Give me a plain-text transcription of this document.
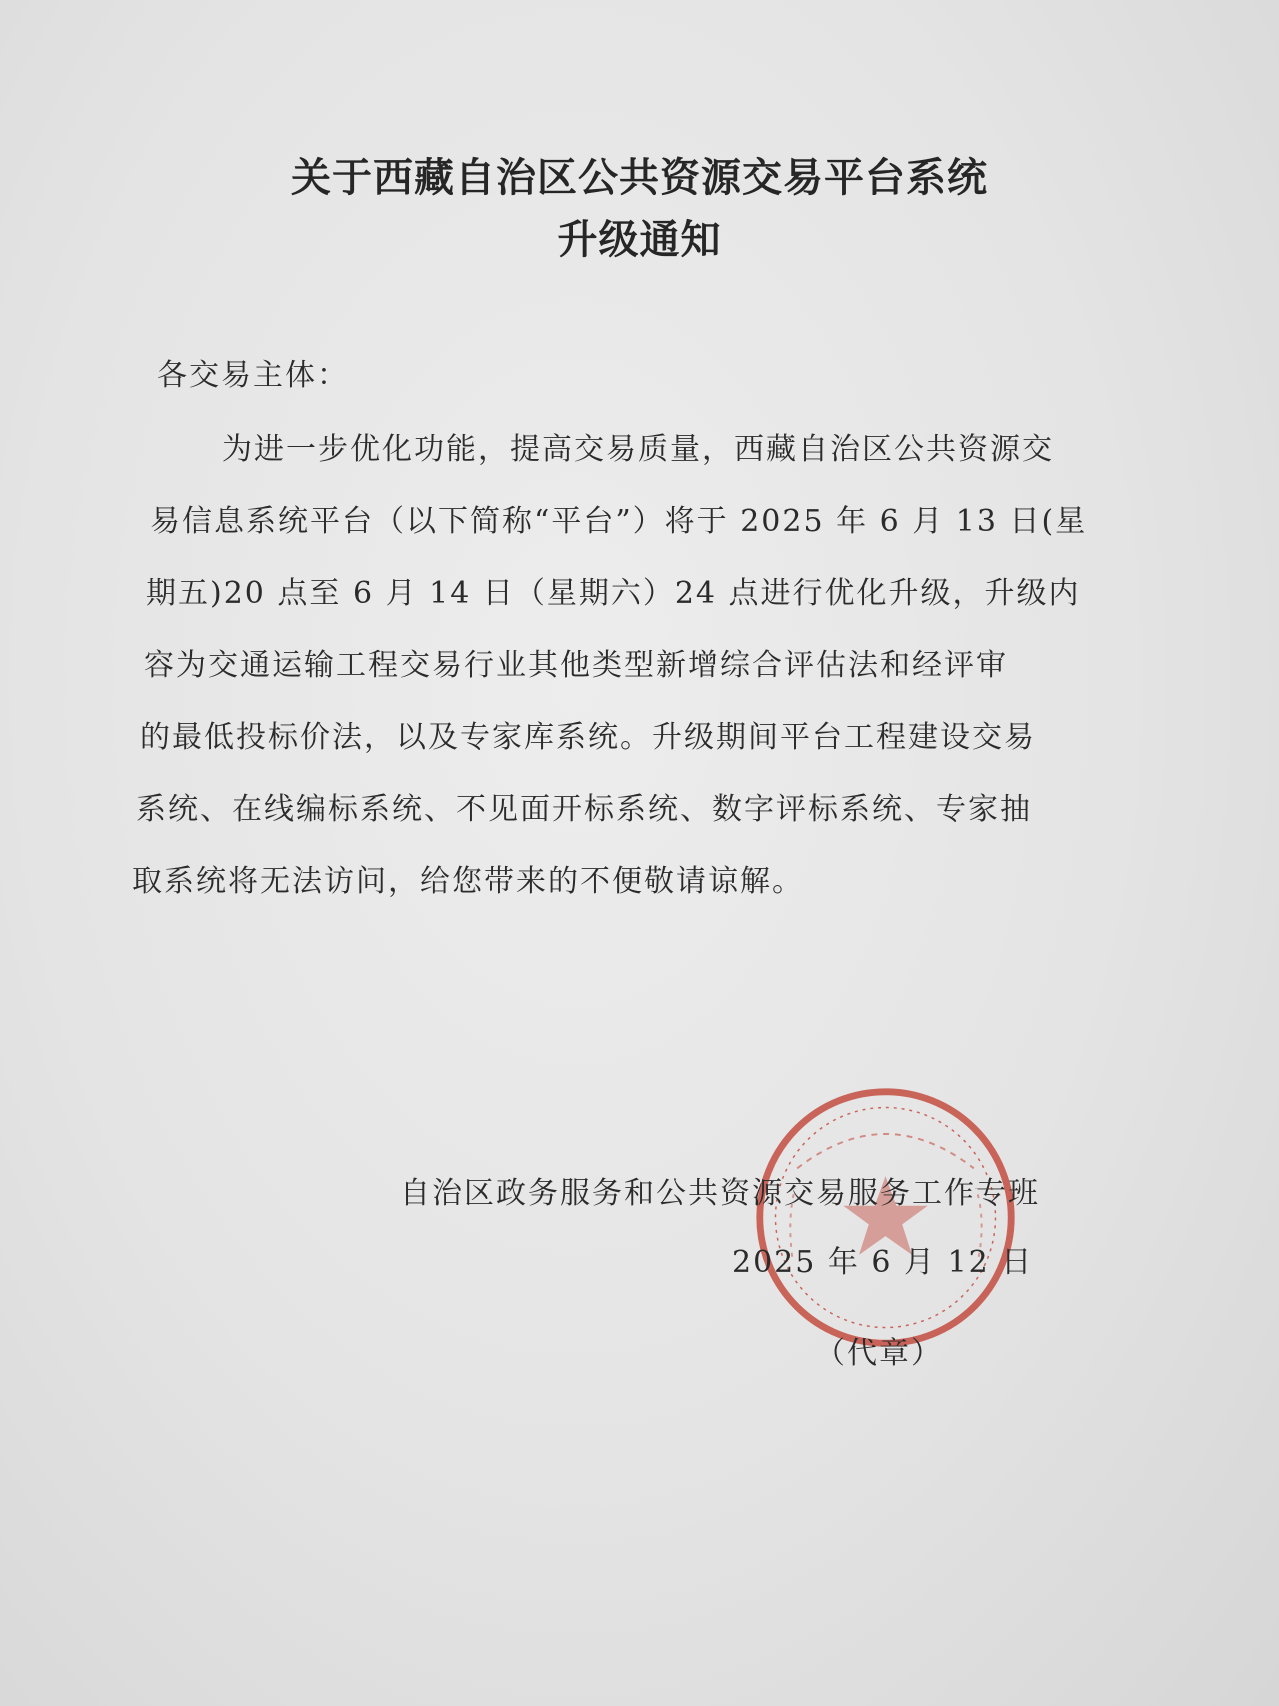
关于西藏自治区公共资源交易平台系统
升级通知
各交易主体：
为进一步优化功能，提高交易质量，西藏自治区公共资源交
易信息系统平台（以下简称“平台”）将于 2025 年 6 月 13 日(星
期五)20 点至 6 月 14 日（星期六）24 点进行优化升级，升级内
容为交通运输工程交易行业其他类型新增综合评估法和经评审
的最低投标价法，以及专家库系统。升级期间平台工程建设交易
系统、在线编标系统、不见面开标系统、数字评标系统、专家抽
取系统将无法访问，给您带来的不便敬请谅解。
自治区政务服务和公共资源交易服务工作专班
2025 年 6 月 12 日
（代章）
